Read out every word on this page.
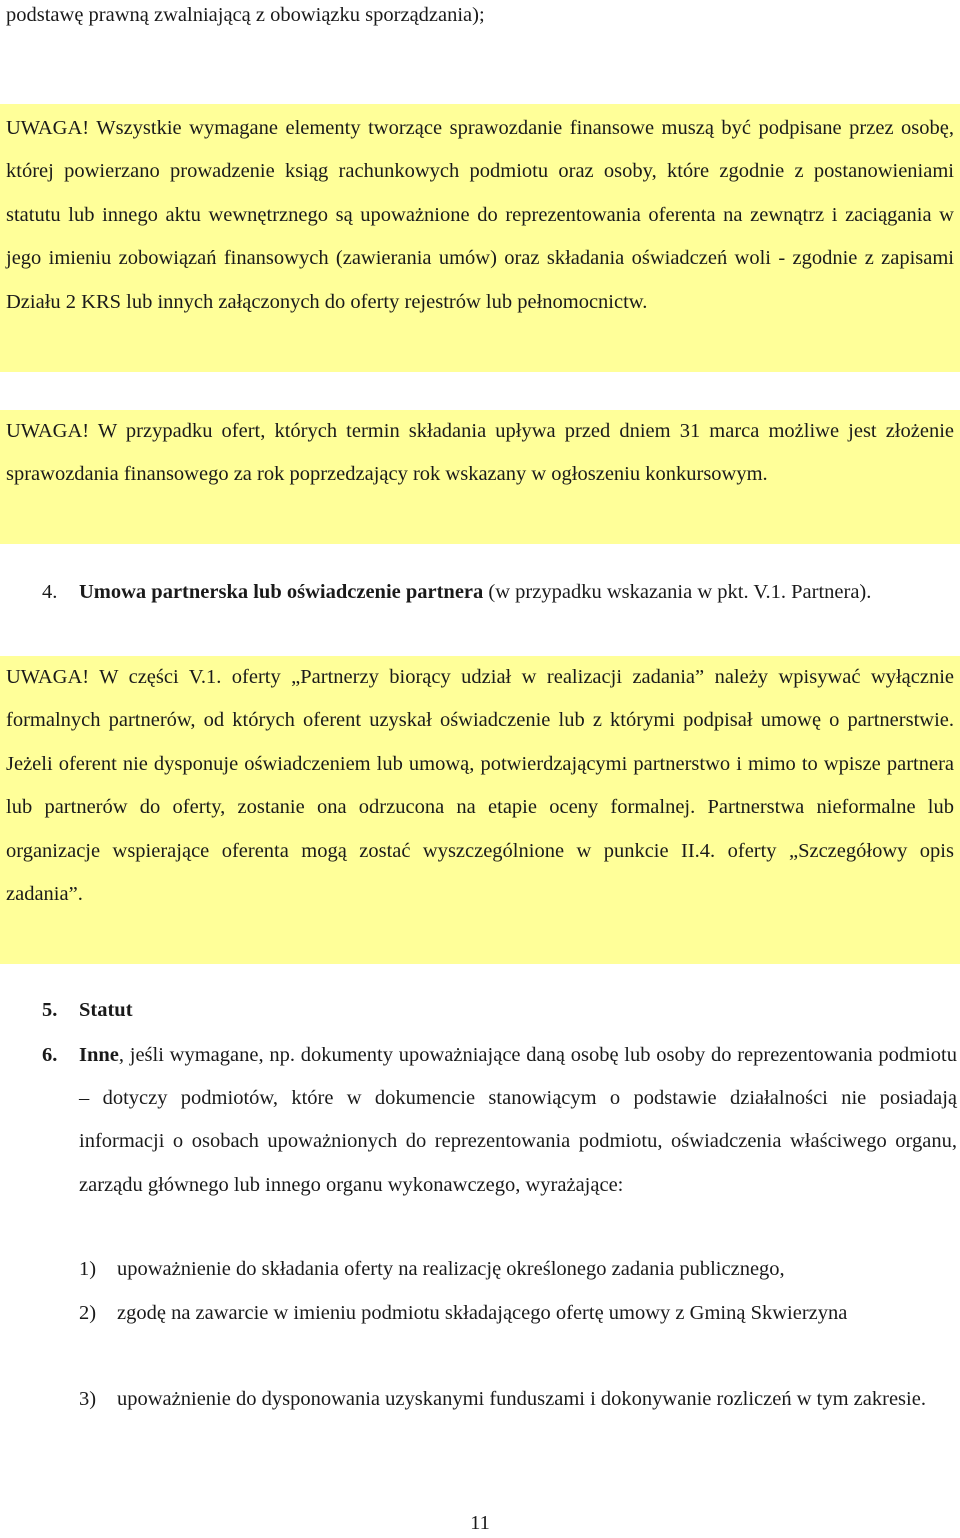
podstawę prawną zwalniającą z obowiązku sporządzania);

UWAGA! Wszystkie wymagane elementy tworzące sprawozdanie finansowe muszą być podpisane przez osobę, której powierzano prowadzenie ksiąg rachunkowych podmiotu oraz osoby, które zgodnie z postanowieniami statutu lub innego aktu wewnętrznego są upoważnione do reprezentowania oferenta na zewnątrz i zaciągania w jego imieniu zobowiązań finansowych (zawierania umów) oraz składania oświadczeń woli - zgodnie z zapisami Działu 2 KRS lub innych załączonych do oferty rejestrów lub pełnomocnictw.

UWAGA! W przypadku ofert, których termin składania upływa przed dniem 31 marca możliwe jest złożenie sprawozdania finansowego za rok poprzedzający rok wskazany w ogłoszeniu konkursowym.

4. Umowa partnerska lub oświadczenie partnera (w przypadku wskazania w pkt. V.1. Partnera).

UWAGA! W części V.1. oferty „Partnerzy biorący udział w realizacji zadania” należy wpisywać wyłącznie formalnych partnerów, od których oferent uzyskał oświadczenie lub z którymi podpisał umowę o partnerstwie. Jeżeli oferent nie dysponuje oświadczeniem lub umową, potwierdzającymi partnerstwo i mimo to wpisze partnera lub partnerów do oferty, zostanie ona odrzucona na etapie oceny formalnej. Partnerstwa nieformalne lub organizacje wspierające oferenta mogą zostać wyszczególnione w punkcie II.4. oferty „Szczegółowy opis zadania”.

5. Statut
6.	Inne, jeśli wymagane, np. dokumenty upoważniające daną osobę lub osoby do reprezentowania podmiotu – dotyczy podmiotów, które w dokumencie stanowiącym o podstawie działalności nie posiadają informacji o osobach upoważnionych do reprezentowania podmiotu, oświadczenia właściwego organu, zarządu głównego lub innego organu wykonawczego, wyrażające:
1) upoważnienie do składania oferty na realizację określonego zadania publicznego,
2) zgodę na zawarcie w imieniu podmiotu składającego ofertę umowy z Gminą Skwierzyna
3) upoważnienie do dysponowania uzyskanymi funduszami i dokonywanie rozliczeń w tym zakresie.
11
